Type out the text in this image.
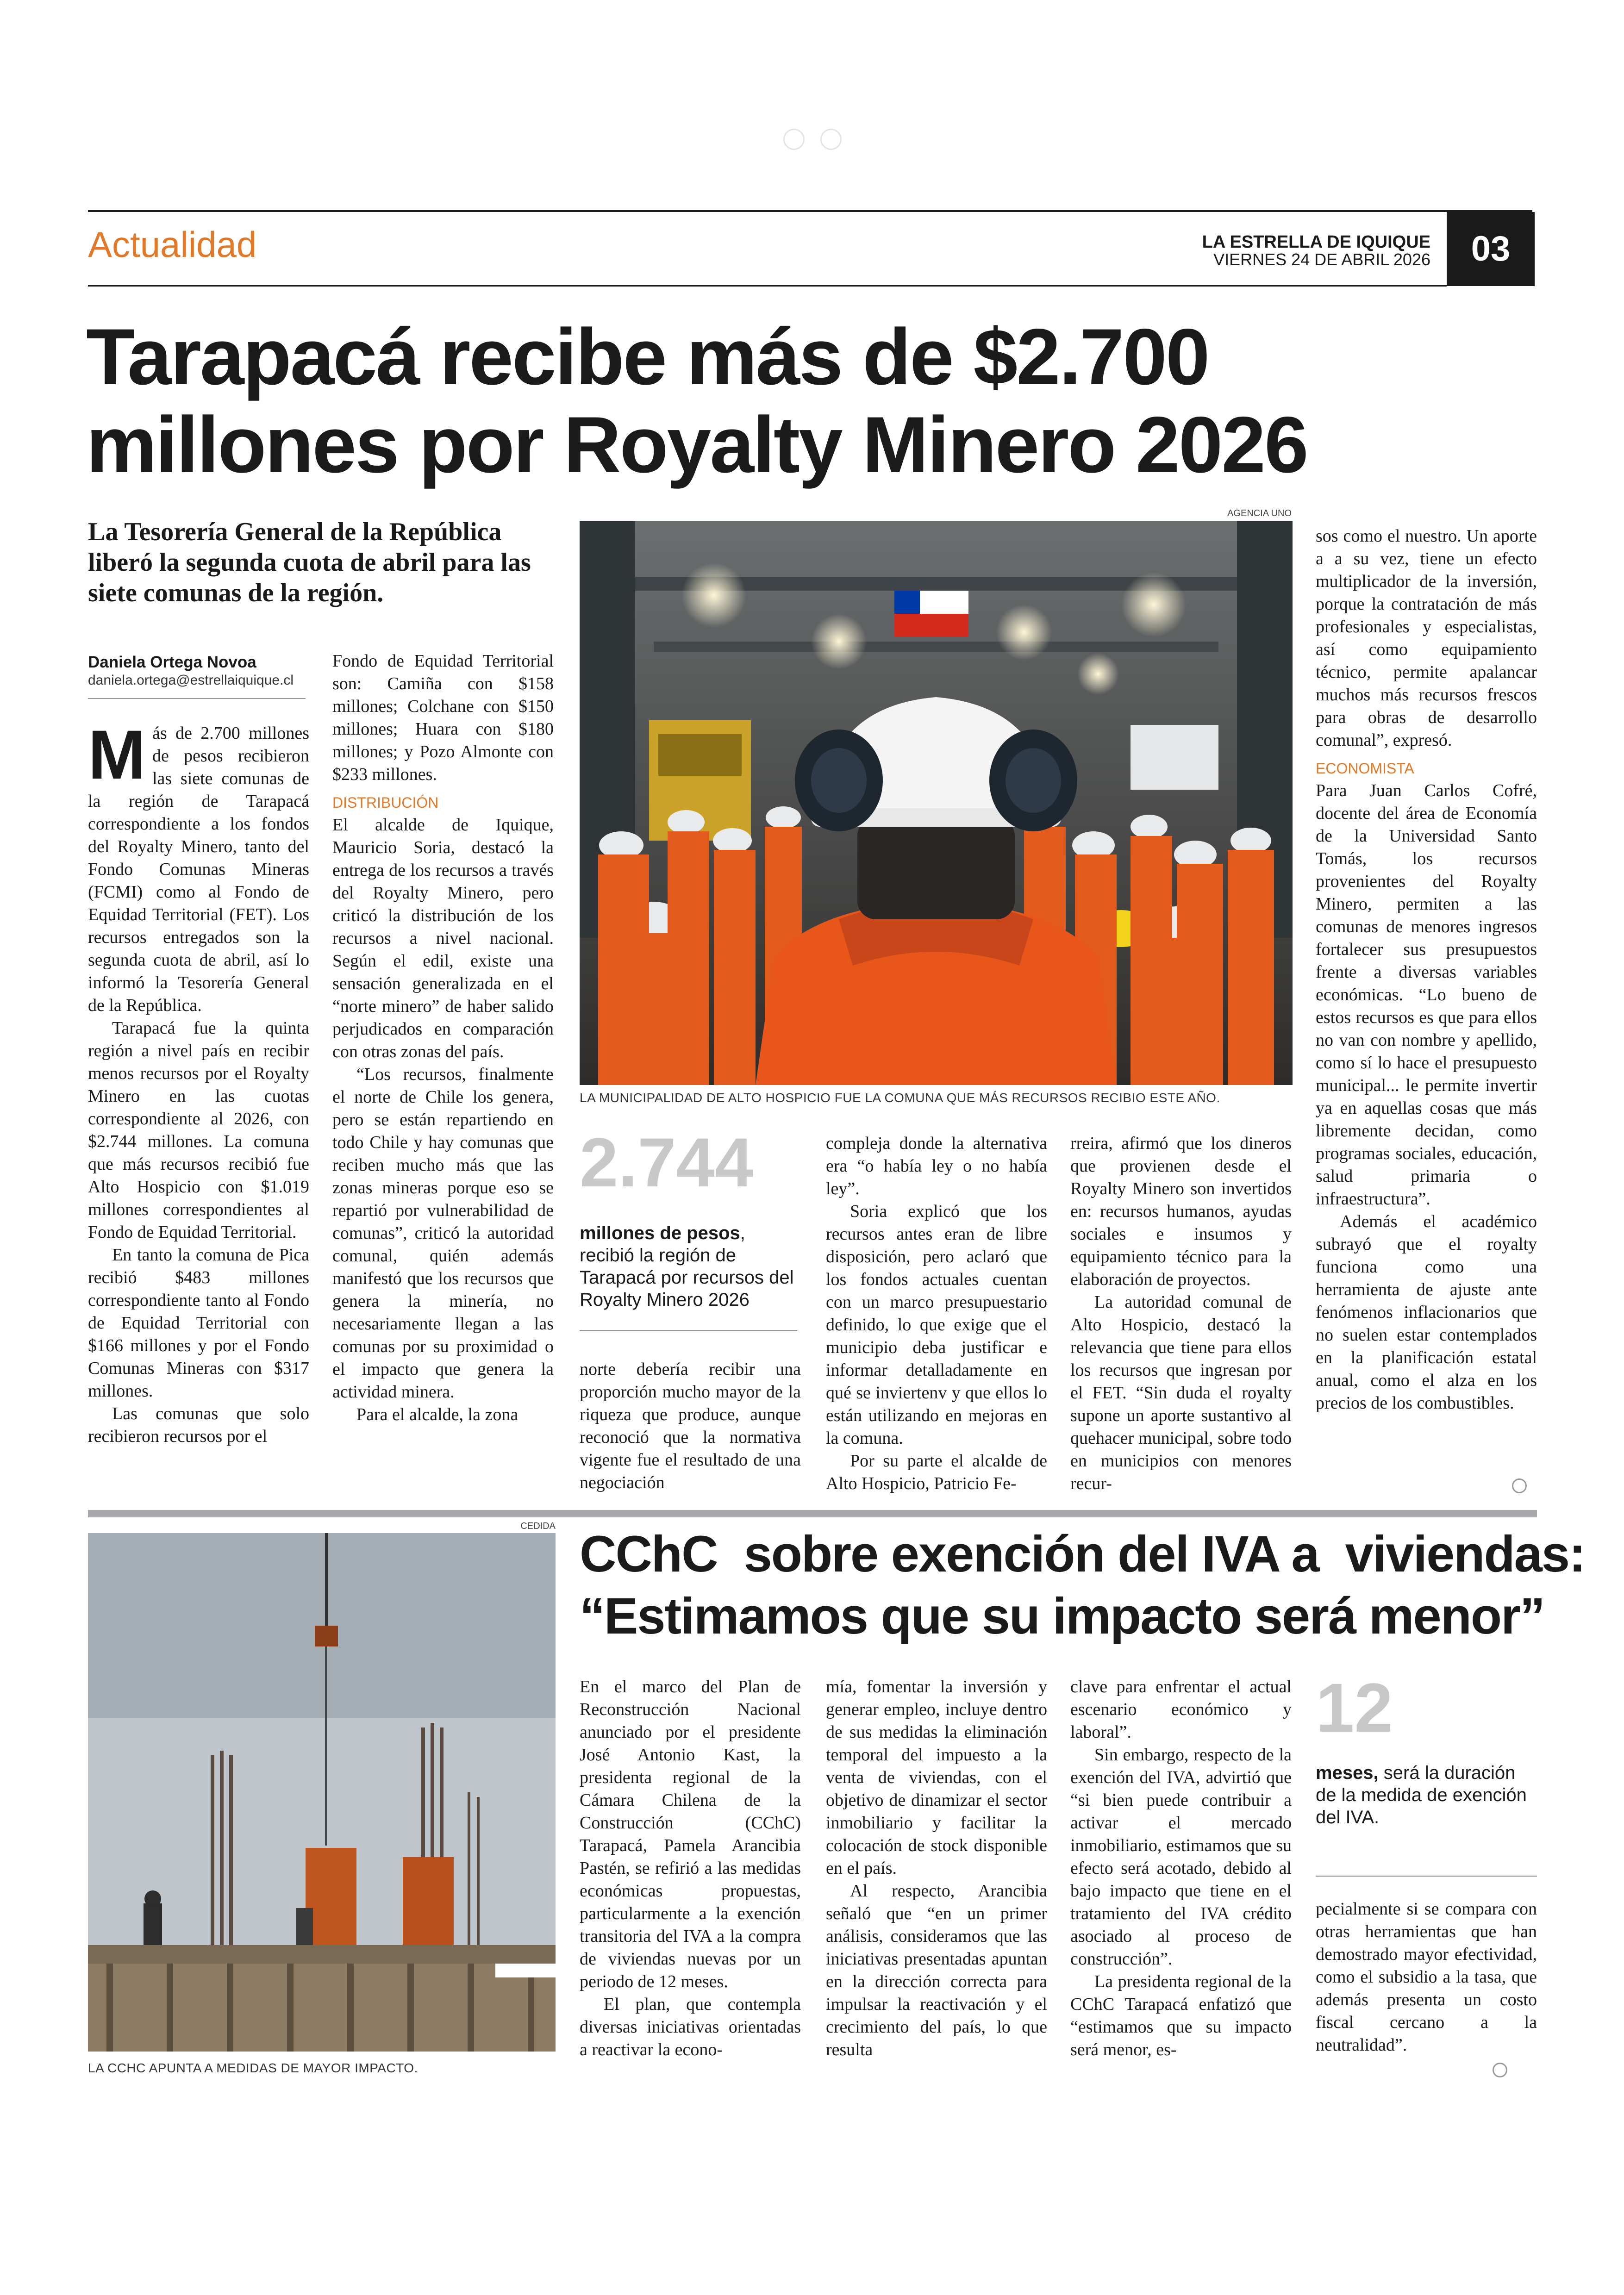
Actualidad	LA ESTRELLA DE IQUIQUE
VIERNES 24 DE ABRIL 2026	03
Tarapacá recibe más de $2.700
millones por Royalty Minero 2026
La Tesorería General de la República liberó la segunda cuota de abril para las siete comunas de la región.
Daniela Ortega Novoa
daniela.ortega@estrellaiquique.cl
M ás de 2.700 millones de pesos recibieron las siete comunas de la región de Tarapacá correspondiente a los fondos del Royalty Minero, tanto del Fondo Comunas Mineras (FCMI) como al Fondo de Equidad Territorial (FET). Los recursos entregados son la segunda cuota de abril, así lo informó la Tesorería General de la República.

Tarapacá fue la quinta región a nivel país en recibir menos recursos por el Royalty Minero en las cuotas correspondiente al 2026, con $2.744 millones. La comuna que más recursos recibió fue Alto Hospicio con $1.019 millones correspondientes al Fondo de Equidad Territorial.

En tanto la comuna de Pica recibió $483 millones correspondiente tanto al Fondo de Equidad Territorial con $166 millones y por el Fondo Comunas Mineras con $317 millones.

Las comunas que solo recibieron recursos por el

Fondo de Equidad Territorial son: Camiña con $158 millones; Colchane con $150 millones; Huara con $180 millones; y Pozo Almonte con $233 millones.

DISTRIBUCIÓN

El alcalde de Iquique, Mauricio Soria, destacó la entrega de los recursos a través del Royalty Minero, pero criticó la distribución de los recursos a nivel nacional. Según el edil, existe una sensación generalizada en el “norte minero” de haber salido perjudicados en comparación con otras zonas del país.

“Los recursos, finalmente el norte de Chile los genera, pero se están repartiendo en todo Chile y hay comunas que reciben mucho más que las zonas mineras porque eso se repartió por vulnerabilidad de comunas”, criticó la autoridad comunal, quién además manifestó que los recursos que genera la minería, no necesariamente llegan a las comunas por su proximidad o el impacto que genera la actividad minera.

Para el alcalde, la zona

AGENCIA UNO
LA MUNICIPALIDAD DE ALTO HOSPICIO FUE LA COMUNA QUE MÁS RECURSOS RECIBIO ESTE AÑO.
2.744
millones de pesos, recibió la región de Tarapacá por recursos del Royalty Minero 2026

norte debería recibir una proporción mucho mayor de la riqueza que produce, aunque reconoció que la normativa vigente fue el resultado de una negociación

compleja donde la alternativa era “o había ley o no había ley”.

Soria explicó que los recursos antes eran de libre disposición, pero aclaró que los fondos actuales cuentan con un marco presupuestario definido, lo que exige que el municipio deba justificar e informar detalladamente en qué se inviertenv y que ellos lo están utilizando en mejoras en la comuna.

Por su parte el alcalde de Alto Hospicio, Patricio Fe-

rreira, afirmó que los dineros que provienen desde el Royalty Minero son invertidos en: recursos humanos, ayudas sociales e insumos y equipamiento técnico para la elaboración de proyectos.

La autoridad comunal de Alto Hospicio, destacó la relevancia que tiene para ellos los recursos que ingresan por el FET. “Sin duda el royalty supone un aporte sustantivo al quehacer municipal, sobre todo en municipios con menores recur-

sos como el nuestro. Un aporte a a su vez, tiene un efecto multiplicador de la inversión, porque la contratación de más profesionales y especialistas, así como equipamiento técnico, permite apalancar muchos más recursos frescos para obras de desarrollo comunal”, expresó.

ECONOMISTA

Para Juan Carlos Cofré, docente del área de Economía de la Universidad Santo Tomás, los recursos provenientes del Royalty Minero, permiten a las comunas de menores ingresos fortalecer sus presupuestos frente a diversas variables económicas. “Lo bueno de estos recursos es que para ellos no van con nombre y apellido, como sí lo hace el presupuesto municipal... le permite invertir ya en aquellas cosas que más libremente decidan, como programas sociales, educación, salud primaria o infraestructura”.

Además el académico subrayó que el royalty funciona como una herramienta de ajuste ante fenómenos inflacionarios que no suelen estar contemplados en la planificación estatal anual, como el alza en los precios de los combustibles.

CEDIDA
LA CCHC APUNTA A MEDIDAS DE MAYOR IMPACTO.
CChC  sobre exención del IVA a  viviendas:
“Estimamos que su impacto será menor”

En el marco del Plan de Reconstrucción Nacional anunciado por el presidente José Antonio Kast, la presidenta regional de la Cámara Chilena de la Construcción (CChC) Tarapacá, Pamela Arancibia Pastén, se refirió a las medidas económicas propuestas, particularmente a la exención transitoria del IVA a la compra de viviendas nuevas por un periodo de 12 meses.

El plan, que contempla diversas iniciativas orientadas a reactivar la econo-

mía, fomentar la inversión y generar empleo, incluye dentro de sus medidas la eliminación temporal del impuesto a la venta de viviendas, con el objetivo de dinamizar el sector inmobiliario y facilitar la colocación de stock disponible en el país.

Al respecto, Arancibia señaló que “en un primer análisis, consideramos que las iniciativas presentadas apuntan en la dirección correcta para impulsar la reactivación y el crecimiento del país, lo que resulta

clave para enfrentar el actual escenario económico y laboral”.

Sin embargo, respecto de la exención del IVA, advirtió que “si bien puede contribuir a activar el mercado inmobiliario, estimamos que su efecto será acotado, debido al bajo impacto que tiene en el tratamiento del IVA crédito asociado al proceso de construcción”.

La presidenta regional de la CChC Tarapacá enfatizó que “estimamos que su impacto será menor, es-

12
meses, será la duración de la medida de exención del IVA.

pecialmente si se compara con otras herramientas que han demostrado mayor efectividad, como el subsidio a la tasa, que además presenta un costo fiscal cercano a la neutralidad”.
